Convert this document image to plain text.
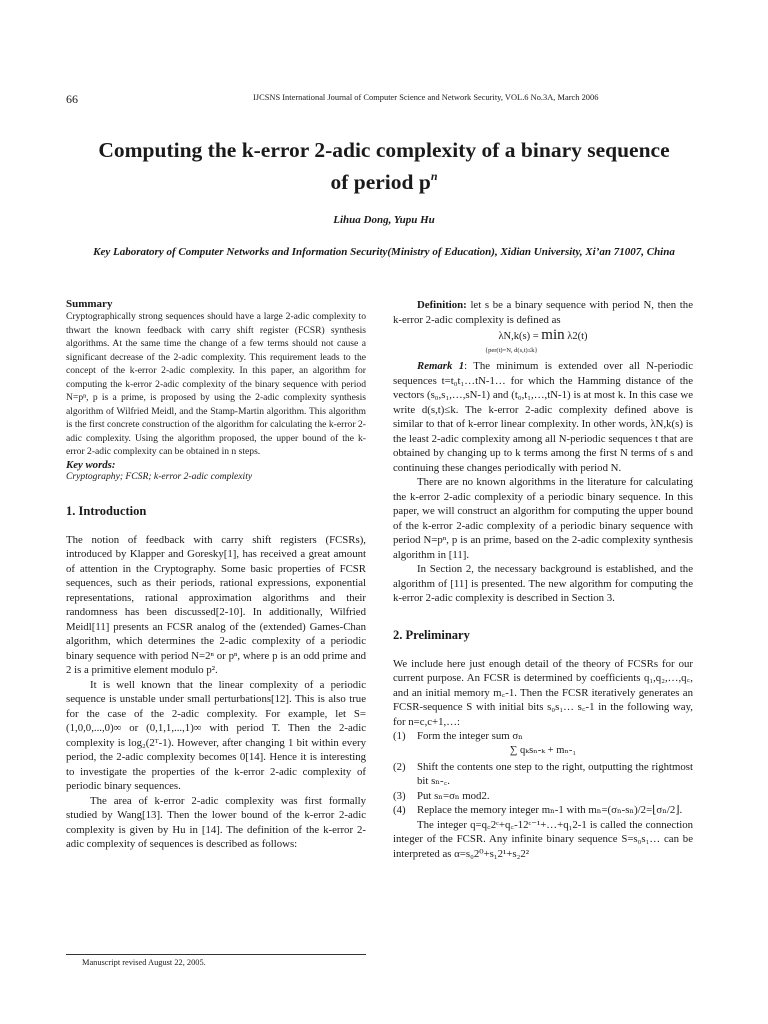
66	IJCSNS International Journal of Computer Science and Network Security, VOL.6 No.3A, March 2006
Computing the k-error 2-adic complexity of a binary sequence
of period $p^n$
Lihua Dong, Yupu Hu
Key Laboratory of Computer Networks and Information Security(Ministry of Education), Xidian University, Xi’an 71007, China
Summary

Cryptographically strong sequences should have a large 2-adic complexity to thwart the known feedback with carry shift register (FCSR) synthesis algorithms. At the same time the change of a few terms should not cause a significant decrease of the 2-adic complexity. This requirement leads to the concept of the k-error 2-adic complexity. In this paper, an algorithm for computing the k-error 2-adic complexity of the binary sequence with period N=pⁿ, p is a prime, is proposed by using the 2-adic complexity synthesis algorithm of Wilfried Meidl, and the Stamp-Martin algorithm. This algorithm is the first concrete construction of the algorithm for calculating the k-error 2-adic complexity. Using the algorithm proposed, the upper bound of the k-error 2-adic complexity can be obtained in n steps.

Key words:

Cryptography; FCSR; k-error 2-adic complexity

1. Introduction

The notion of feedback with carry shift registers (FCSRs), introduced by Klapper and Goresky[1], has received a great amount of attention in the Cryptography. Some basic properties of FCSR sequences, such as their periods, rational expressions, exponential representations, rational approximation algorithms and their randomness has been discussed[2-10]. In additionally, Wilfried Meidl[11] presents an FCSR analog of the (extended) Games-Chan algorithm, which determines the 2-adic complexity of a periodic binary sequence with period N=2ⁿ or pⁿ, where p is an odd prime and 2 is a primitive element modulo p².

It is well known that the linear complexity of a periodic sequence is unstable under small perturbations[12]. This is also true for the case of the 2-adic complexity. For example, let S=(1,0,0,...,0)∞ or (0,1,1,...,1)∞ with period T. Then the 2-adic complexity is log₂(2ᵀ-1). However, after changing 1 bit within every period, the 2-adic complexity becomes 0[14]. Hence it is interesting to investigate the properties of the k-error 2-adic complexity of periodic binary sequences.

The area of k-error 2-adic complexity was first formally studied by Wang[13]. Then the lower bound of the k-error 2-adic complexity is given by Hu in [14]. The definition of the k-error 2-adic complexity of sequences is described as follows:

Definition: let s be a binary sequence with period N, then the k-error 2-adic complexity is defined as

λN,k(s) = min λ2(t)
{per(t)=N, d(s,t)≤k}

Remark 1: The minimum is extended over all N-periodic sequences t=t₀t₁…tN-1… for which the Hamming distance of the vectors (s₀,s₁,…,sN-1) and (t₀,t₁,…,tN-1) is at most k. In this case we write d(s,t)≤k. The k-error 2-adic complexity defined above is similar to that of k-error linear complexity. In other words, λN,k(s) is the least 2-adic complexity among all N-periodic sequences t that are obtained by changing up to k terms among the first N terms of s and continuing these changes periodically with period N.

There are no known algorithms in the literature for calculating the k-error 2-adic complexity of a periodic binary sequence. In this paper, we will construct an algorithm for computing the upper bound of the k-error 2-adic complexity of a periodic binary sequence with period N=pⁿ, p is an prime, based on the 2-adic complexity synthesis algorithm in [11].

In Section 2, the necessary background is established, and the algorithm of [11] is presented. The new algorithm for computing the k-error 2-adic complexity is described in Section 3.

2. Preliminary

We include here just enough detail of the theory of FCSRs for our current purpose. An FCSR is determined by coefficients q₁,q₂,…,q꜀, and an initial memory m꜀-1. Then the FCSR iteratively generates an FCSR-sequence S with initial bits s₀s₁… s꜀-1 in the following way, for n=c,c+1,…:

(1)	Form the integer sum σₙ
∑ qₖsₙ-ₖ + mₙ-₁
(2)	Shift the contents one step to the right, outputting the rightmost bit sₙ-꜀.
(3)	Put sₙ=σₙ mod2.
(4)	Replace the memory integer mₙ-1 with mₙ=(σₙ-sₙ)/2=⌊σₙ/2⌋.

The integer q=q꜀2ᶜ+q꜀-12ᶜ⁻¹+…+q₁2-1 is called the connection integer of the FCSR. Any infinite binary sequence S=s₀s₁… can be interpreted as α=s₀2⁰+s₁2¹+s₂2²

Manuscript revised August 22, 2005.
